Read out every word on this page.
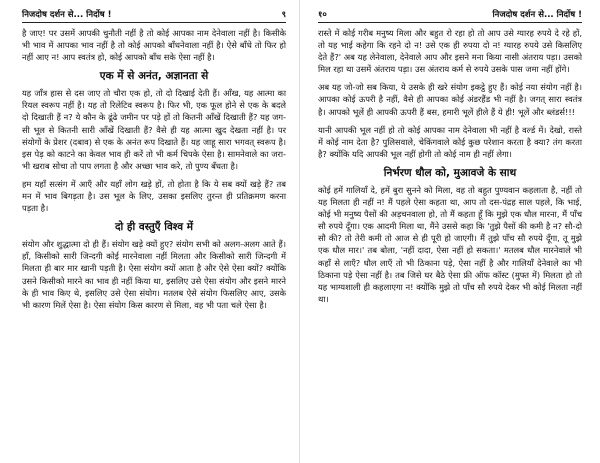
निजदोष दर्शन से... निर्दोष !	९

है जाए! पर उसमें आपकी चुनौती नहीं है तो कोई आपका नाम देनेवाला नहीं है। किसीके भी भाव में आपका भाव नहीं है तो कोई आपको बाँधनेवाला नहीं है। ऐसे बाँधे तो फिर हो नहीं आए न! आप स्वतंत्र हो, कोई आपको बाँध सके ऐसा नहीं है।

एक में से अनंत, अज्ञानता से

यह जाँत्र हास से दस जाए तो चौरा एक हो, तो दो दिखाई देती हैं। आँख, यह आत्मा का रियल स्वरूप नहीं है। यह तो रिलेटिव स्वरूप है। फिर भी, एक फूल होने से एक के बदले दो दिखाती हैं न? ये कौन के ढूंढे जमीन पर पड़े हों तो कितनी आँखें दिखाती हैं? यह जग-सी भूल से कितनी सारी आँखें दिखाती हैं? वैसे ही यह आत्मा खुद देखता नहीं है। पर संयोगों के प्रेशर (दबाव) से एक के अनंत रूप दिखाते हैं। यह जाहू सारा भगवत् स्वरूप है। इस पेड़ को काटने का केवल भाव ही करें तो भी कर्म चिपके ऐसा है। सामनेवाले का जरा-भी खराब सोचा तो पाप लगता है और अच्छा भाव करे, तो पुण्य बँधता है।

हम यहाँ सत्संग में आएँ और यहाँ लोग खड़े हों, तो होता है कि ये सब क्यों खड़े हैं? तब मन में भाव बिगड़ता है। उस भूल के लिए, उसका इसलिए तुरन्त ही प्रतिक्रमण करना पड़ता है।

दो ही वस्तुएँ विश्व में

संयोग और शुद्धात्मा दो ही हैं। संयोग खड़े क्यों हुए? संयोग सभी को अलग-अलग आते हैं। हाँ, किसीको सारी जिन्दगी कोई मारनेवाला नहीं मिलता और किसीको सारी जिन्दगी में मिलता ही बार मार खानी पड़ती है। ऐसा संयोग क्यों आता है और ऐसे ऐसा क्यों? क्योंकि उसने किसीको मारने का भाव ही नहीं किया था, इसलिए उसे ऐसा संयोग और इसने मारने के ही भाव किए थे, इसलिए उसे ऐसा संयोग। मतलब ऐसे संयोग फिसलिए आए, उसके भी कारण मिलें ऐसा है। ऐसा संयोग किस कारण से मिला, वह भी पता चले ऐसा है।

१०	निजदोष दर्शन से... निर्दोष !

रास्ते में कोई गरीब मनुष्य मिला और बहुत रो रहा हो तो आप उसे ग्यारह रुपये दे रहे हों, तो यह भाई कहेगा कि रहने दो न! उसे एक ही रुपया दो न! ग्यारह रुपये उसे किसलिए देते हैं?' अब यह लेनेवाला, देनेवाले आप और इसने मना किया नासी अंतराय पड़ा। उसको मिल रहा था उसमें अंतराय पड़ा। उस अंतराय कर्म से रुपये उसके पास जमा नहीं होंगे।

अब यह जो-जो सब किया, ये उसके ही खरे संयोग इकट्ठे हुए हैं। कोई नया संयोग नहीं है। आपका कोई ऊपरी है नहीं, वैसे ही आपका कोई अंडरहैंड भी नहीं है। जगत् सारा स्वतंत्र है। आपको भूलें ही आपकी ऊपरी हैं बस, हमारी भूलें हीले हैं ये ही! भूलें और ब्लंडर्स!!!

यानी आपकी भूल नहीं हो तो कोई आपका नाम देनेवाला भी नहीं है वर्ल्ड में। देखो, रास्ते में कोई नाम देता है? पुलिसवाले, चेकिंगवाले कोई कुछ परेशान करता है क्या? तंग करता है? क्योंकि यदि आपकी भूल नहीं होगी तो कोई नाम ही नहीं लेगा।

निर्भरण धौल को, मुआवजे के साथ

कोई हमें गालियाँ दे, हमें बुरा सुनने को मिला, वह तो बहुत पुण्यवान कहलाता है, नहीं तो यह मिलता ही नहीं न! मैं पहले ऐसा कहता था, आप तो दस-पंद्रह साल पहले, कि भाई, कोई भी मनुष्य पैसों की अड़चनवाला हो, तो मैं कहता हूँ कि मुझे एक धौल मारना, मैं पाँच सौ रुपये दूँगा। एक आदमी मिला था, मैंने उससे कहा कि 'तुझे पैसों की कमी है न? सौ-दो सौ की? तो तेरी कमी तो आज से ही पूरी हो जाएगी। मैं तुझे पाँच सौ रुपये दूँगा, तू मुझे एक धौल मार।' तब बोला, 'नहीं दादा, ऐसा नहीं हो सकता।' मतलब धौल मारनेवाले भी कहाँ से लाएँ? धौल लाएँ तो भी ठिकाना पड़े, ऐसा नहीं है और गालियाँ देनेवाले का भी ठिकाना पड़े ऐसा नहीं है। तब जिसे घर बैठे ऐसा फ्री ऑफ कॉस्ट (मुफ्त में) मिलता हो तो यह भाग्यशाली ही कहलाएगा न! क्योंकि मुझे तो पाँच सौ रुपये देकर भी कोई मिलता नहीं था।
